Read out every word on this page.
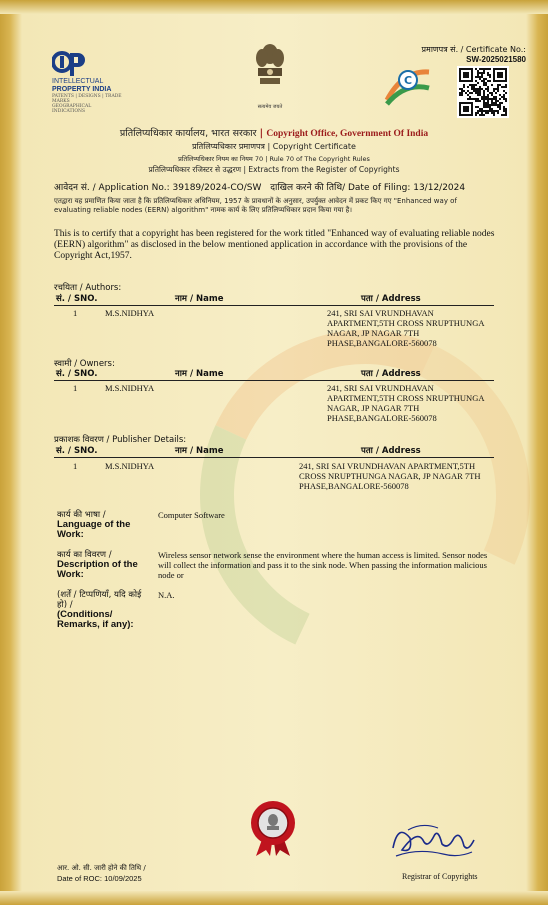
INTELLECTUAL
PROPERTY INDIA
PATENTS | DESIGNS | TRADE MARKS
GEOGRAPHICAL INDICATIONS
सत्यमेव जयते
C
प्रमाणपत्र सं. / Certificate No.:
SW-2025021580
प्रतिलिप्यधिकार कार्यालय, भारत सरकार | Copyright Office, Government Of India
प्रतिलिप्यधिकार प्रमाणपत्र | Copyright Certificate
प्रतिलिप्यधिकार नियम का नियम 70 | Rule 70 of The Copyright Rules
प्रतिलिप्यधिकार रजिस्टर से उद्धरण | Extracts from the Register of Copyrights
आवेदन सं. / Application No.: 39189/2024-CO/SW दाखिल करने की तिथि/ Date of Filing: 13/12/2024
एतद्वारा यह प्रमाणित किया जाता है कि प्रतिलिप्यधिकार अधिनियम, 1957 के प्रावधानों के अनुसार, उपर्युक्त आवेदन में प्रकट किए गए "Enhanced way of evaluating reliable nodes (EERN) algorithm" नामक कार्य के लिए प्रतिलिप्यधिकार प्रदान किया गया है।
This is to certify that a copyright has been registered for the work titled "Enhanced way of evaluating reliable nodes (EERN) algorithm" as disclosed in the below mentioned application in accordance with the provisions of the Copyright Act,1957.
रचयिता / Authors:
सं. / SNO.	नाम / Name	पता / Address
1	M.S.NIDHYA	241, SRI SAI VRUNDHAVAN APARTMENT,5TH CROSS NRUPTHUNGA NAGAR, JP NAGAR 7TH PHASE,BANGALORE-560078
स्वामी / Owners:
सं. / SNO.	नाम / Name	पता / Address
1	M.S.NIDHYA	241, SRI SAI VRUNDHAVAN APARTMENT,5TH CROSS NRUPTHUNGA NAGAR, JP NAGAR 7TH PHASE,BANGALORE-560078
प्रकाशक विवरण / Publisher Details:
सं. / SNO.	नाम / Name	पता / Address
1	M.S.NIDHYA	241, SRI SAI VRUNDHAVAN APARTMENT,5TH CROSS NRUPTHUNGA NAGAR, JP NAGAR 7TH PHASE,BANGALORE-560078
कार्य की भाषा /
Language of the Work:
Computer Software
कार्य का विवरण /
Description of the Work:
Wireless sensor network sense the environment where the human access is limited. Sensor nodes will collect the information and pass it to the sink node. When passing the information malicious node or
(शर्तें / टिप्पणियाँ, यदि कोई हो) /
(Conditions/ Remarks, if any):
N.A.
आर. ओ. सी. जारी होने की तिथि /
Date of ROC: 10/09/2025	Registrar of Copyrights
